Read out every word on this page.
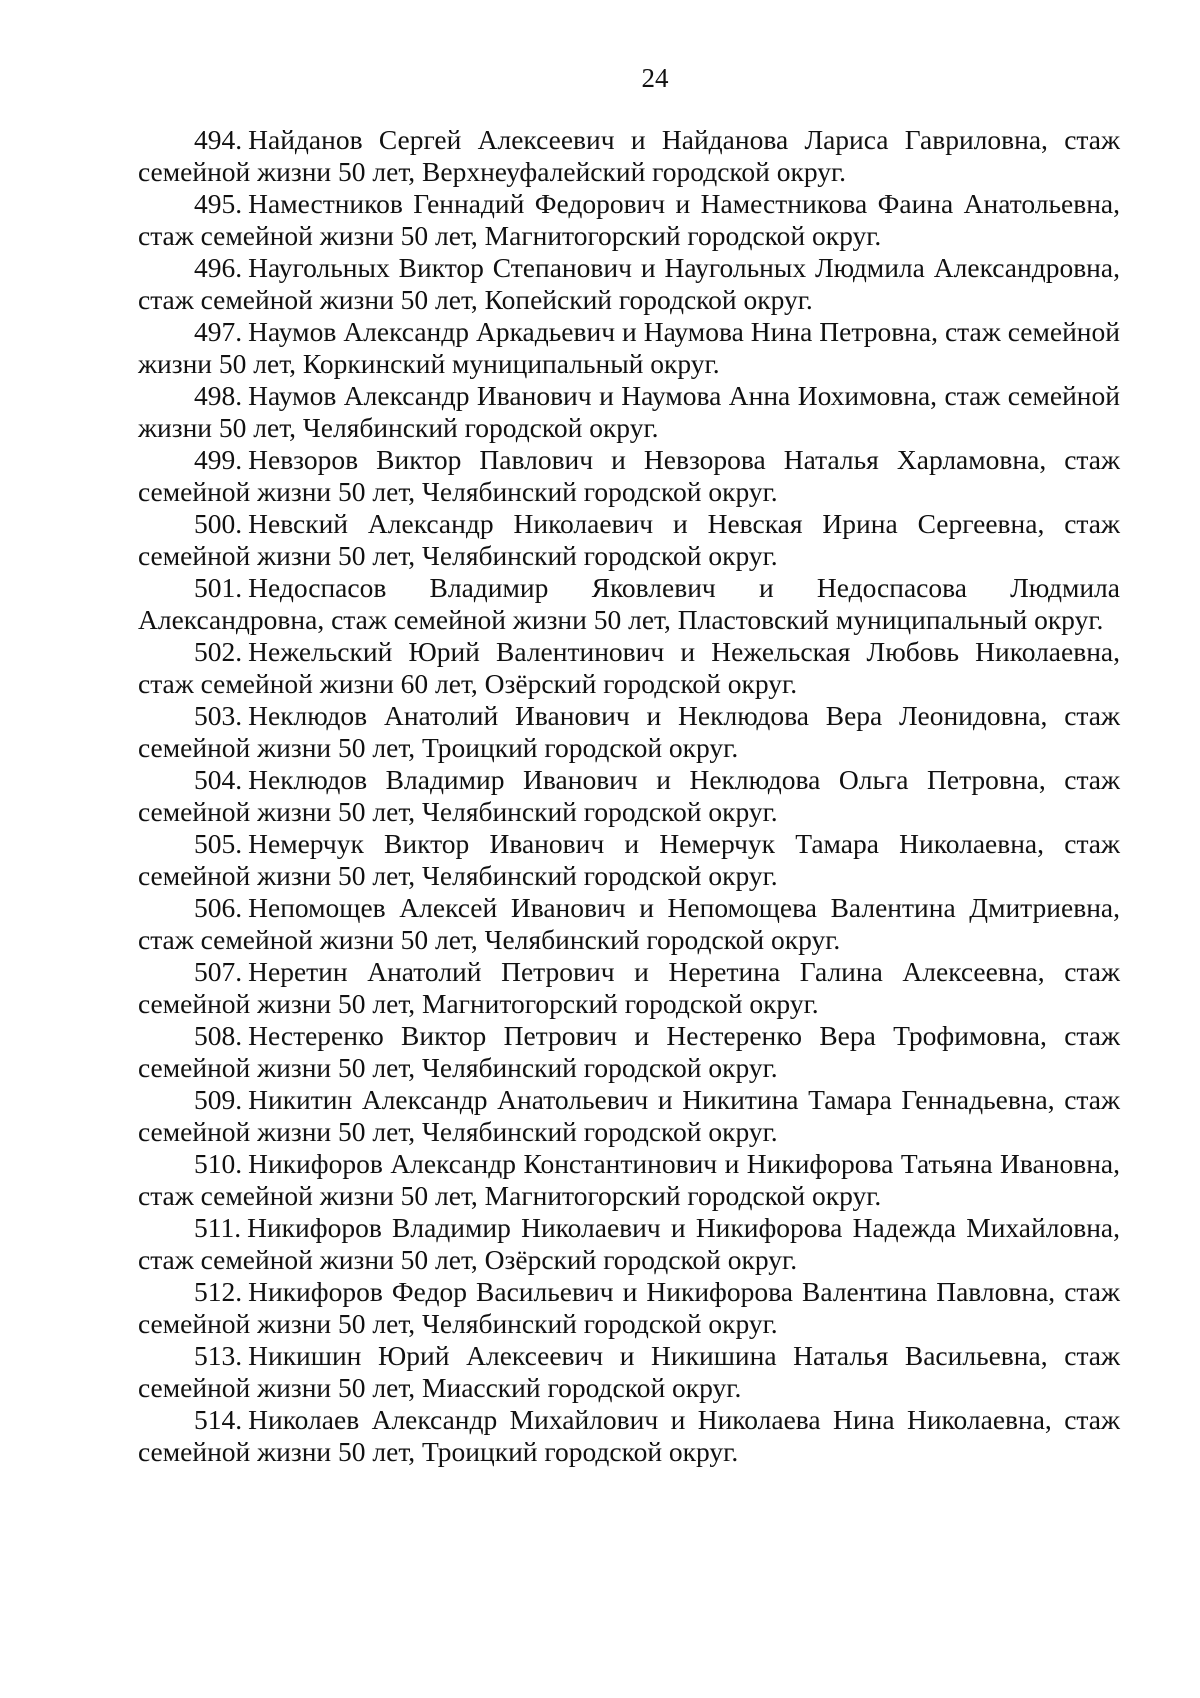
24

494. Найданов Сергей Алексеевич и Найданова Лариса Гавриловна, стаж семейной жизни 50 лет, Верхнеуфалейский городской округ.

495. Наместников Геннадий Федорович и Наместникова Фаина Анатольевна, стаж семейной жизни 50 лет, Магнитогорский городской округ.

496. Наугольных Виктор Степанович и Наугольных Людмила Александровна, стаж семейной жизни 50 лет, Копейский городской округ.

497. Наумов Александр Аркадьевич и Наумова Нина Петровна, стаж семейной жизни 50 лет, Коркинский муниципальный округ.

498. Наумов Александр Иванович и Наумова Анна Иохимовна, стаж семейной жизни 50 лет, Челябинский городской округ.

499. Невзоров Виктор Павлович и Невзорова Наталья Харламовна, стаж семейной жизни 50 лет, Челябинский городской округ.

500. Невский Александр Николаевич и Невская Ирина Сергеевна, стаж семейной жизни 50 лет, Челябинский городской округ.

501. Недоспасов Владимир Яковлевич и Недоспасова Людмила Александровна, стаж семейной жизни 50 лет, Пластовский муниципальный округ.

502. Нежельский Юрий Валентинович и Нежельская Любовь Николаевна, стаж семейной жизни 60 лет, Озёрский городской округ.

503. Неклюдов Анатолий Иванович и Неклюдова Вера Леонидовна, стаж семейной жизни 50 лет, Троицкий городской округ.

504. Неклюдов Владимир Иванович и Неклюдова Ольга Петровна, стаж семейной жизни 50 лет, Челябинский городской округ.

505. Немерчук Виктор Иванович и Немерчук Тамара Николаевна, стаж семейной жизни 50 лет, Челябинский городской округ.

506. Непомощев Алексей Иванович и Непомощева Валентина Дмитриевна, стаж семейной жизни 50 лет, Челябинский городской округ.

507. Неретин Анатолий Петрович и Неретина Галина Алексеевна, стаж семейной жизни 50 лет, Магнитогорский городской округ.

508. Нестеренко Виктор Петрович и Нестеренко Вера Трофимовна, стаж семейной жизни 50 лет, Челябинский городской округ.

509. Никитин Александр Анатольевич и Никитина Тамара Геннадьевна, стаж семейной жизни 50 лет, Челябинский городской округ.

510. Никифоров Александр Константинович и Никифорова Татьяна Ивановна, стаж семейной жизни 50 лет, Магнитогорский городской округ.

511. Никифоров Владимир Николаевич и Никифорова Надежда Михайловна, стаж семейной жизни 50 лет, Озёрский городской округ.

512. Никифоров Федор Васильевич и Никифорова Валентина Павловна, стаж семейной жизни 50 лет, Челябинский городской округ.

513. Никишин Юрий Алексеевич и Никишина Наталья Васильевна, стаж семейной жизни 50 лет, Миасский городской округ.

514. Николаев Александр Михайлович и Николаева Нина Николаевна, стаж семейной жизни 50 лет, Троицкий городской округ.
